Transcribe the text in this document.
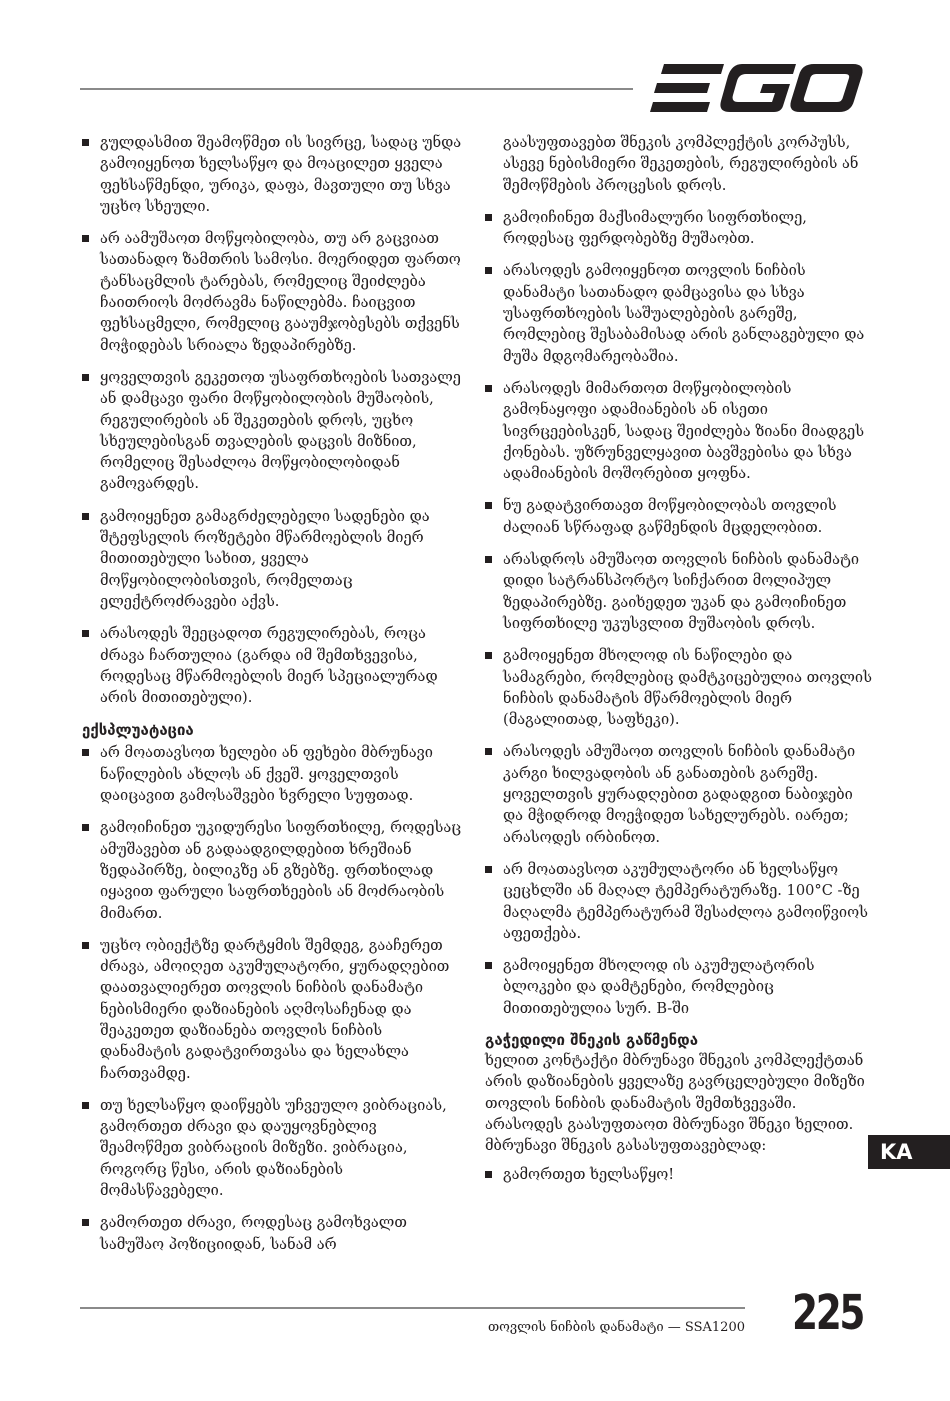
გულდასმით შეამოწმეთ ის სივრცე, სადაც უნდა გამოიყენოთ ხელსაწყო და მოაცილეთ ყველა ფეხსაწმენდი, ურიკა, დაფა, მავთული თუ სხვა უცხო სხეული.
არ აამუშაოთ მოწყობილობა, თუ არ გაცვიათ სათანადო ზამთრის სამოსი. მოერიდეთ ფართო ტანსაცმლის ტარებას, რომელიც შეიძლება ჩაითრიოს მოძრავმა ნაწილებმა. ჩაიცვით ფეხსაცმელი, რომელიც გააუმჯობესებს თქვენს მოჭიდებას სრიალა ზედაპირებზე.
ყოველთვის გეკეთოთ უსაფრთხოების სათვალე ან დამცავი ფარი მოწყობილობის მუშაობის, რეგულირების ან შეკეთების დროს, უცხო სხეულებისგან თვალების დაცვის მიზნით, რომელიც შესაძლოა მოწყობილობიდან გამოვარდეს.
გამოიყენეთ გამაგრძელებელი სადენები და შტეფსელის როზეტები მწარმოებლის მიერ მითითებული სახით, ყველა მოწყობილობისთვის, რომელთაც ელექტროძრავები აქვს.
არასოდეს შეეცადოთ რეგულირებას, როცა ძრავა ჩართულია (გარდა იმ შემთხვევისა, როდესაც მწარმოებლის მიერ სპეციალურად არის მითითებული).
ექსპლუატაცია
არ მოათავსოთ ხელები ან ფეხები მბრუნავი ნაწილების ახლოს ან ქვეშ. ყოველთვის დაიცავით გამოსაშვები ხვრელი სუფთად.
გამოიჩინეთ უკიდურესი სიფრთხილე, როდესაც ამუშავებთ ან გადაადგილდებით ხრეშიან ზედაპირზე, ბილიკზე ან გზებზე. ფრთხილად იყავით ფარული საფრთხეების ან მოძრაობის მიმართ.
უცხო ობიექტზე დარტყმის შემდეგ, გააჩერეთ ძრავა, ამოიღეთ აკუმულატორი, ყურადღებით დაათვალიერეთ თოვლის ნიჩბის დანამატი ნებისმიერი დაზიანების აღმოსაჩენად და შეაკეთეთ დაზიანება თოვლის ნიჩბის დანამატის გადატვირთვასა და ხელახლა ჩართვამდე.
თუ ხელსაწყო დაიწყებს უჩვეულო ვიბრაციას, გამორთეთ ძრავი და დაუყოვნებლივ შეამოწმეთ ვიბრაციის მიზეზი. ვიბრაცია, როგორც წესი, არის დაზიანების მომასწავებელი.
გამორთეთ ძრავი, როდესაც გამოხვალთ სამუშაო პოზიციიდან, სანამ არ
გაასუფთავებთ შნეკის კომპლექტის კორპუსს, ასევე ნებისმიერი შეკეთების, რეგულირების ან შემოწმების პროცესის დროს.
გამოიჩინეთ მაქსიმალური სიფრთხილე, როდესაც ფერდობებზე მუშაობთ.
არასოდეს გამოიყენოთ თოვლის ნიჩბის დანამატი სათანადო დამცავისა და სხვა უსაფრთხოების საშუალებების გარეშე, რომლებიც შესაბამისად არის განლაგებული და მუშა მდგომარეობაშია.
არასოდეს მიმართოთ მოწყობილობის გამონაყოფი ადამიანების ან ისეთი სივრცეებისკენ, სადაც შეიძლება ზიანი მიადგეს ქონებას. უზრუნველყავით ბავშვებისა და სხვა ადამიანების მოშორებით ყოფნა.
ნუ გადატვირთავთ მოწყობილობას თოვლის ძალიან სწრაფად გაწმენდის მცდელობით.
არასდროს ამუშაოთ თოვლის ნიჩბის დანამატი დიდი სატრანსპორტო სიჩქარით მოლიპულ ზედაპირებზე. გაიხედეთ უკან და გამოიჩინეთ სიფრთხილე უკუსვლით მუშაობის დროს.
გამოიყენეთ მხოლოდ ის ნაწილები და სამაგრები, რომლებიც დამტკიცებულია თოვლის ნიჩბის დანამატის მწარმოებლის მიერ (მაგალითად, საფხეკი).
არასოდეს ამუშაოთ თოვლის ნიჩბის დანამატი კარგი ხილვადობის ან განათების გარეშე. ყოველთვის ყურადღებით გადადგით ნაბიჯები და მჭიდროდ მოეჭიდეთ სახელურებს. იარეთ; არასოდეს ირბინოთ.
არ მოათავსოთ აკუმულატორი ან ხელსაწყო ცეცხლში ან მაღალ ტემპერატურაზე. 100°C -ზე მაღალმა ტემპერატურამ შესაძლოა გამოიწვიოს აფეთქება.
გამოიყენეთ მხოლოდ ის აკუმულატორის ბლოკები და დამტენები, რომლებიც მითითებულია სურ. B-ში
გაჭედილი შნეკის გაწმენდა

ხელით კონტაქტი მბრუნავი შნეკის კომპლექტთან არის დაზიანების ყველაზე გავრცელებული მიზეზი თოვლის ნიჩბის დანამატის შემთხვევაში. არასოდეს გაასუფთაოთ მბრუნავი შნეკი ხელით.

მბრუნავი შნეკის გასასუფთავებლად:

გამორთეთ ხელსაწყო!
KA
თოვლის ნიჩბის დანამატი — SSA1200 225
